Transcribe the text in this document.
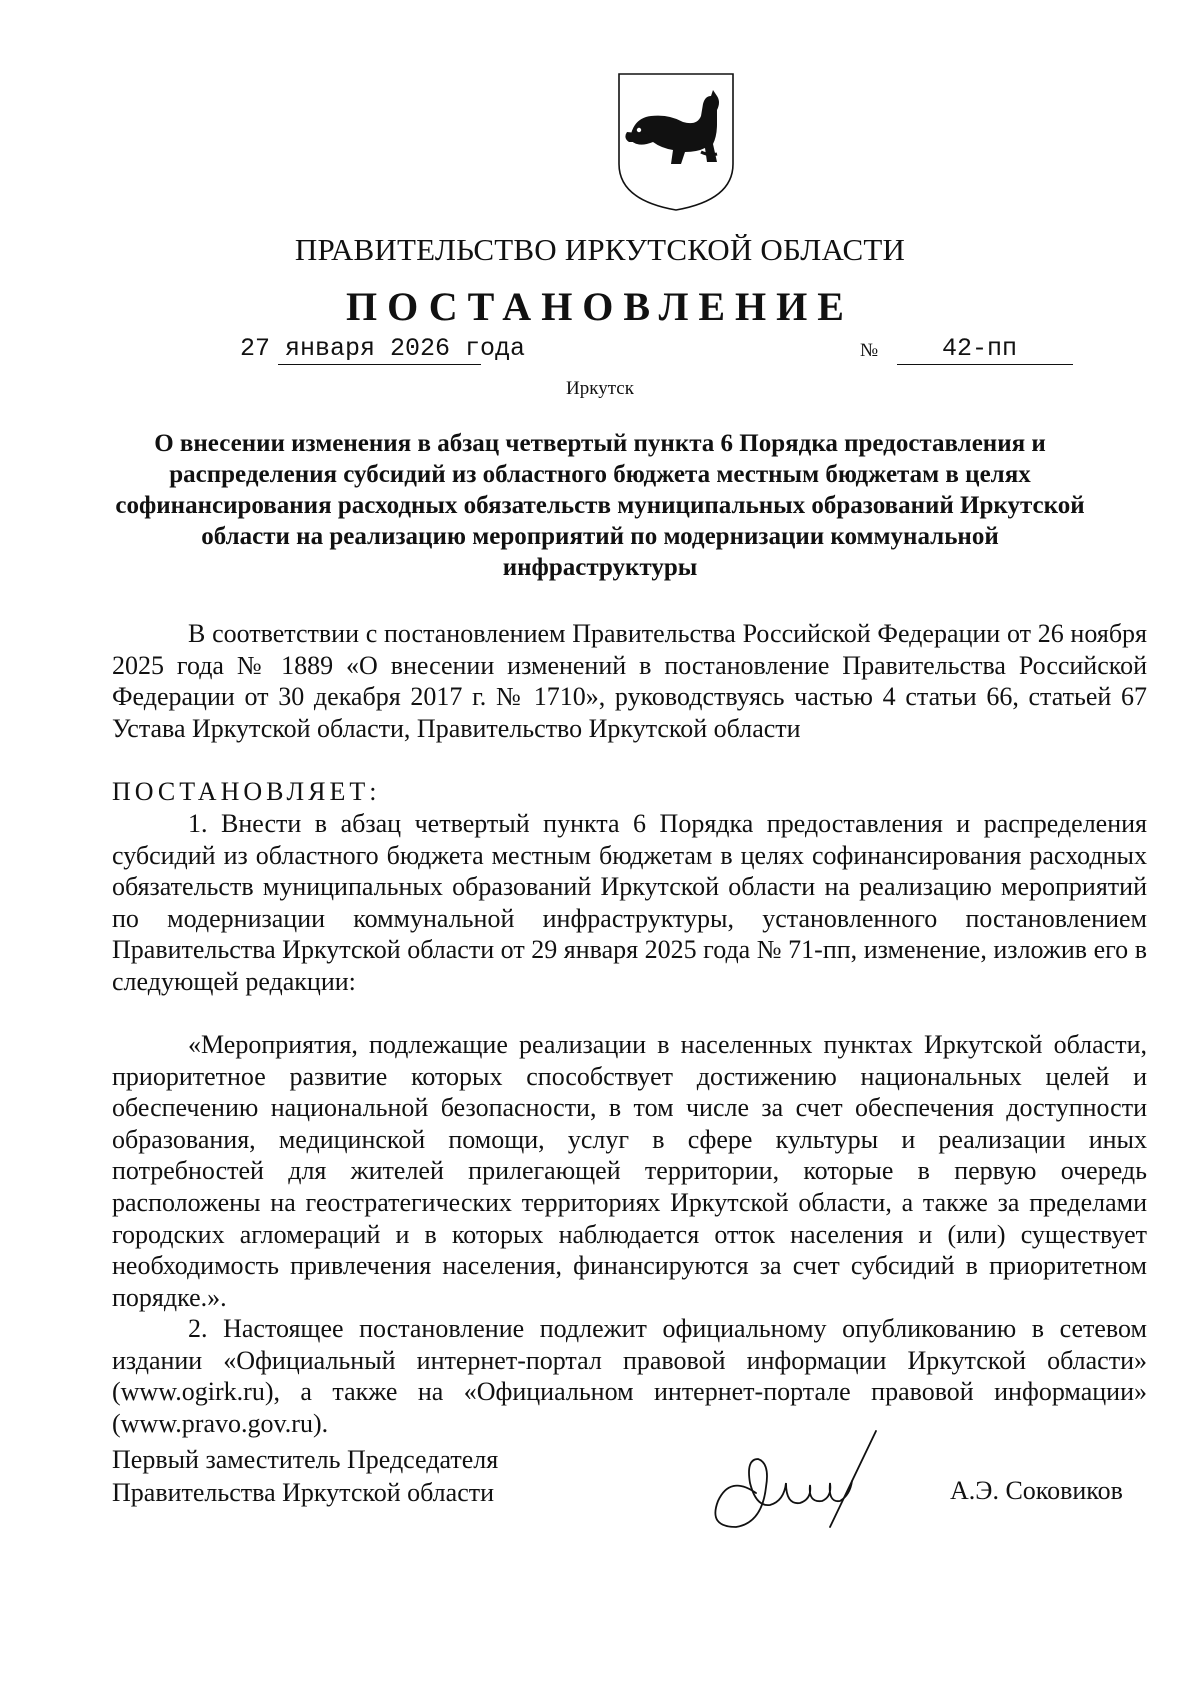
ПРАВИТЕЛЬСТВО ИРКУТСКОЙ ОБЛАСТИ
ПОСТАНОВЛЕНИЕ
27 января 2026 года	№	42-пп
Иркутск

О внесении изменения в абзац четвертый пункта 6 Порядка предоставления и распределения субсидий из областного бюджета местным бюджетам в целях софинансирования расходных обязательств муниципальных образований Иркутской области на реализацию мероприятий по модернизации коммунальной инфраструктуры

В соответствии с постановлением Правительства Российской Федерации от 26 ноября 2025 года № 1889 «О внесении изменений в постановление Правительства Российской Федерации от 30 декабря 2017 г. № 1710», руководствуясь частью 4 статьи 66, статьей 67 Устава Иркутской области, Правительство Иркутской области

ПОСТАНОВЛЯЕТ:

1. Внести в абзац четвертый пункта 6 Порядка предоставления и распределения субсидий из областного бюджета местным бюджетам в целях софинансирования расходных обязательств муниципальных образований Иркутской области на реализацию мероприятий по модернизации коммунальной инфраструктуры, установленного постановлением Правительства Иркутской области от 29 января 2025 года № 71-пп, изменение, изложив его в следующей редакции:

«Мероприятия, подлежащие реализации в населенных пунктах Иркутской области, приоритетное развитие которых способствует достижению национальных целей и обеспечению национальной безопасности, в том числе за счет обеспечения доступности образования, медицинской помощи, услуг в сфере культуры и реализации иных потребностей для жителей прилегающей территории, которые в первую очередь расположены на геостратегических территориях Иркутской области, а также за пределами городских агломераций и в которых наблюдается отток населения и (или) существует необходимость привлечения населения, финансируются за счет субсидий в приоритетном порядке.».

2. Настоящее постановление подлежит официальному опубликованию в сетевом издании «Официальный интернет-портал правовой информации Иркутской области» (www.ogirk.ru), а также на «Официальном интернет-портале правовой информации» (www.pravo.gov.ru).

Первый заместитель Председателя
Правительства Иркутской области	А.Э. Соковиков
